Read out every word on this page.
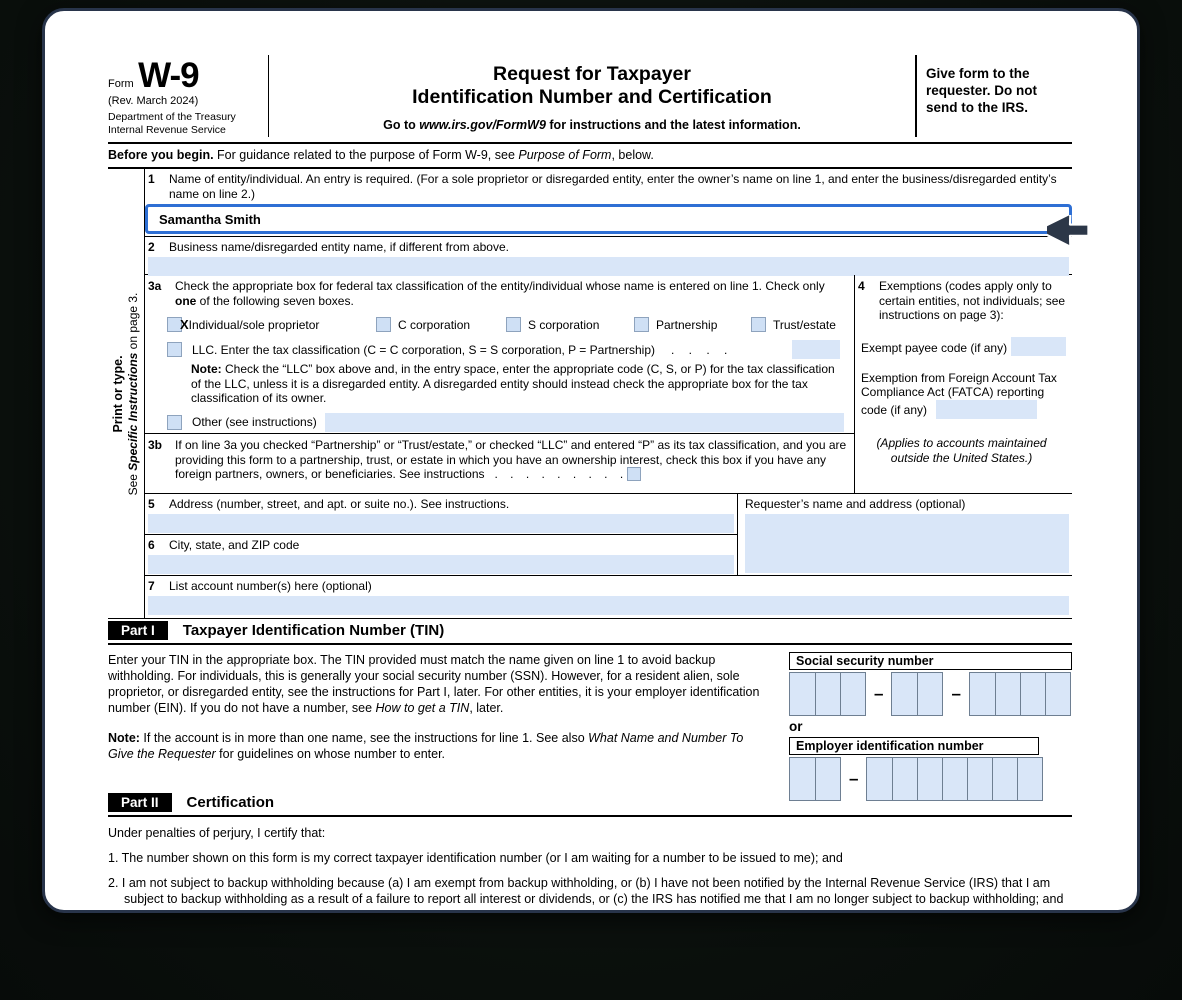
Form W-9
(Rev. March 2024)
Department of the Treasury
Internal Revenue Service
Request for Taxpayer
Identification Number and Certification
Go to www.irs.gov/FormW9 for instructions and the latest information.
Give form to the requester. Do not send to the IRS.
Before you begin. For guidance related to the purpose of Form W-9, see Purpose of Form, below.
Print or type.
See Specific Instructions on page 3.
1	Name of entity/individual. An entry is required. (For a sole proprietor or disregarded entity, enter the owner’s name on line 1, and enter the business/disregarded entity’s name on line 2.)
Samantha Smith
2	Business name/disregarded entity name, if different from above.
3a	Check the appropriate box for federal tax classification of the entity/individual whose name is entered on line 1. Check only one of the following seven boxes.
X Individual/sole proprietor	C corporation	S corporation	Partnership	Trust/estate
LLC. Enter the tax classification (C = C corporation, S = S corporation, P = Partnership) . . . .
Note: Check the “LLC” box above and, in the entry space, enter the appropriate code (C, S, or P) for the tax classification of the LLC, unless it is a disregarded entity. A disregarded entity should instead check the appropriate box for the tax classification of its owner.
Other (see instructions)
3b	If on line 3a you checked “Partnership” or “Trust/estate,” or checked “LLC” and entered “P” as its tax classification, and you are providing this form to a partnership, trust, or estate in which you have an ownership interest, check this box if you have any foreign partners, owners, or beneficiaries. See instructions . . . . . . . . .
4	Exemptions (codes apply only to certain entities, not individuals; see instructions on page 3):
Exempt payee code (if any)
Exemption from Foreign Account Tax Compliance Act (FATCA) reporting code (if any)
(Applies to accounts maintained outside the United States.)
5	Address (number, street, and apt. or suite no.). See instructions.
6	City, state, and ZIP code
Requester’s name and address (optional)
7	List account number(s) here (optional)
Part I	Taxpayer Identification Number (TIN)
Enter your TIN in the appropriate box. The TIN provided must match the name given on line 1 to avoid backup withholding. For individuals, this is generally your social security number (SSN). However, for a resident alien, sole proprietor, or disregarded entity, see the instructions for Part I, later. For other entities, it is your employer identification number (EIN). If you do not have a number, see How to get a TIN, later.
Note: If the account is in more than one name, see the instructions for line 1. See also What Name and Number To Give the Requester for guidelines on whose number to enter.
Social security number
–	–
or
Employer identification number
–
Part II	Certification
Under penalties of perjury, I certify that:
1. The number shown on this form is my correct taxpayer identification number (or I am waiting for a number to be issued to me); and
2. I am not subject to backup withholding because (a) I am exempt from backup withholding, or (b) I have not been notified by the Internal Revenue Service (IRS) that I am subject to backup withholding as a result of a failure to report all interest or dividends, or (c) the IRS has notified me that I am no longer subject to backup withholding; and
